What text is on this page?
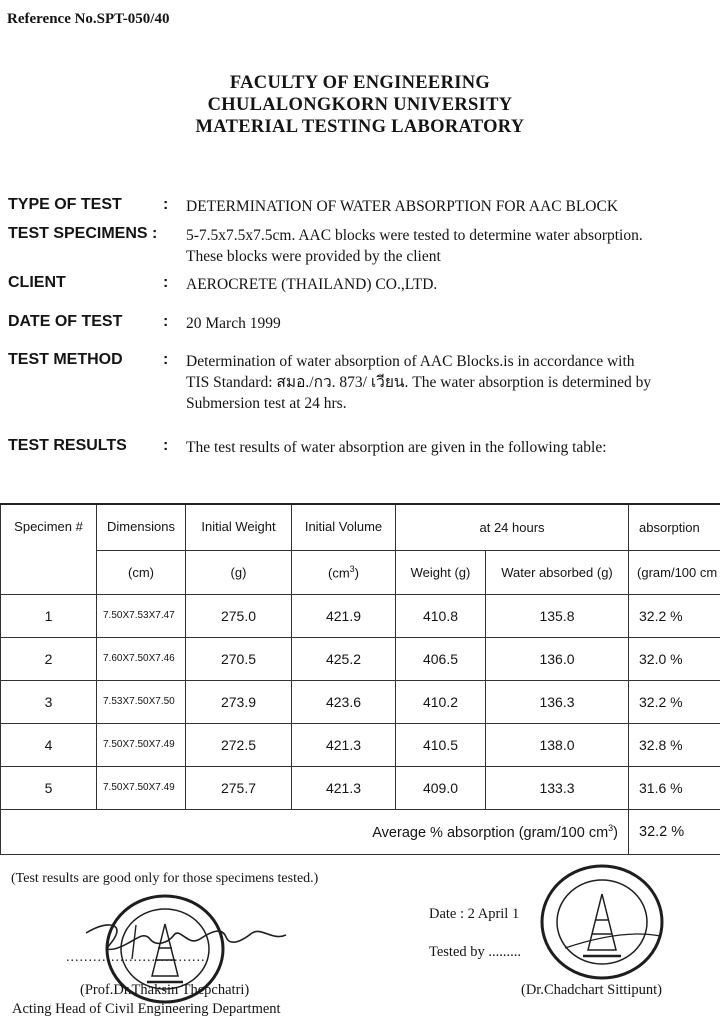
Reference No.SPT-050/40
FACULTY OF ENGINEERING
CHULALONGKORN UNIVERSITY
MATERIAL TESTING LABORATORY
TYPE OF TEST	: DETERMINATION OF WATER ABSORPTION FOR AAC BLOCK
TEST SPECIMENS : 5-7.5x7.5x7.5cm. AAC blocks were tested to determine water absorption.
These blocks were provided by the client
CLIENT	: AEROCRETE (THAILAND) CO.,LTD.
DATE OF TEST	: 20 March 1999
TEST METHOD	: Determination of water absorption of AAC Blocks.is in accordance with
TIS Standard: สมอ./กว. 873/ เวียน. The water absorption is determined by
Submersion test at 24 hrs.
TEST RESULTS : The test results of water absorption are given in the following table:
Specimen #	Dimensions	Initial Weight	Initial Volume	at 24 hours		absorption
	(cm)	(g)	$(cm^3)$	Weight (g)	Water absorbed (g)	(gram/100 cm
1	7.50X7.53X7.47	275.0	421.9	410.8	135.8	32.2 %
2	7.60X7.50X7.46	270.5	425.2	406.5	136.0	32.0 %
3	7.53X7.50X7.50	273.9	423.6	410.2	136.3	32.2 %
4	7.50X7.50X7.49	272.5	421.3	410.5	138.0	32.8 %
5	7.50X7.50X7.49	275.7	421.3	409.0	133.3	31.6 %
Average % absorption (gram/100 $cm^3$)						32.2 %
(Test results are good only for those specimens tested.)
...............................
(Prof.Dr.Thaksin Thepchatri)
Acting Head of Civil Engineering Department
Date : 2 April 1
Tested by .........
(Dr.Chadchart Sittipunt)
